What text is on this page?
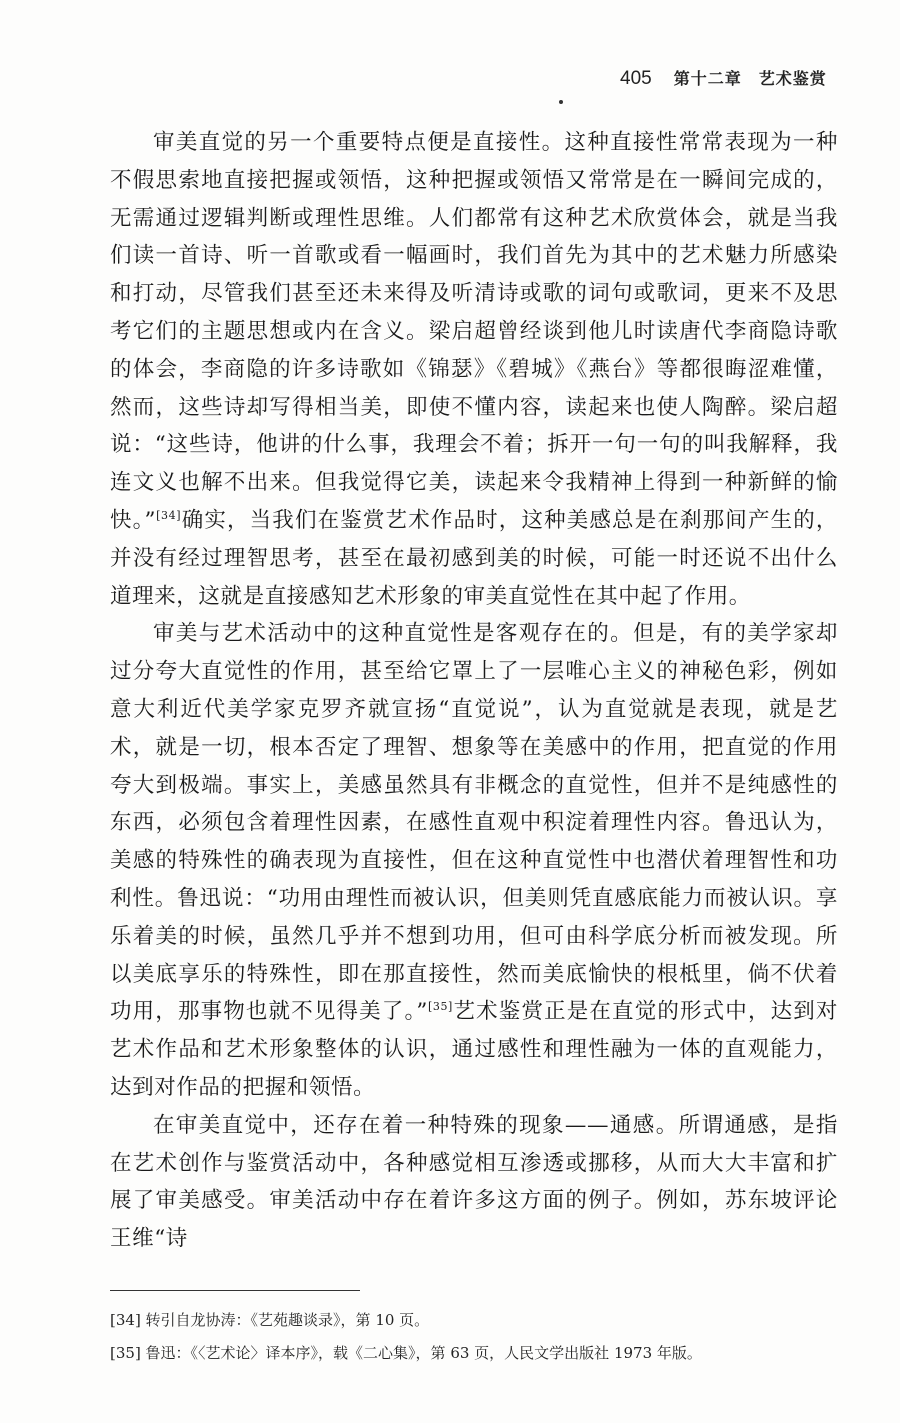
405 第十二章　艺术鉴赏

审美直觉的另一个重要特点便是直接性。这种直接性常常表现为一种不假思索地直接把握或领悟，这种把握或领悟又常常是在一瞬间完成的，无需通过逻辑判断或理性思维。人们都常有这种艺术欣赏体会，就是当我们读一首诗、听一首歌或看一幅画时，我们首先为其中的艺术魅力所感染和打动，尽管我们甚至还未来得及听清诗或歌的词句或歌词，更来不及思考它们的主题思想或内在含义。梁启超曾经谈到他儿时读唐代李商隐诗歌的体会，李商隐的许多诗歌如《锦瑟》《碧城》《燕台》等都很晦涩难懂，然而，这些诗却写得相当美，即使不懂内容，读起来也使人陶醉。梁启超说：“这些诗，他讲的什么事，我理会不着；拆开一句一句的叫我解释，我连文义也解不出来。但我觉得它美，读起来令我精神上得到一种新鲜的愉快。”[34]确实，当我们在鉴赏艺术作品时，这种美感总是在刹那间产生的，并没有经过理智思考，甚至在最初感到美的时候，可能一时还说不出什么道理来，这就是直接感知艺术形象的审美直觉性在其中起了作用。

审美与艺术活动中的这种直觉性是客观存在的。但是，有的美学家却过分夸大直觉性的作用，甚至给它罩上了一层唯心主义的神秘色彩，例如意大利近代美学家克罗齐就宣扬“直觉说”，认为直觉就是表现，就是艺术，就是一切，根本否定了理智、想象等在美感中的作用，把直觉的作用夸大到极端。事实上，美感虽然具有非概念的直觉性，但并不是纯感性的东西，必须包含着理性因素，在感性直观中积淀着理性内容。鲁迅认为，美感的特殊性的确表现为直接性，但在这种直觉性中也潜伏着理智性和功利性。鲁迅说：“功用由理性而被认识，但美则凭直感底能力而被认识。享乐着美的时候，虽然几乎并不想到功用，但可由科学底分析而被发现。所以美底享乐的特殊性，即在那直接性，然而美底愉快的根柢里，倘不伏着功用，那事物也就不见得美了。”[35]艺术鉴赏正是在直觉的形式中，达到对艺术作品和艺术形象整体的认识，通过感性和理性融为一体的直观能力，达到对作品的把握和领悟。

在审美直觉中，还存在着一种特殊的现象——通感。所谓通感，是指在艺术创作与鉴赏活动中，各种感觉相互渗透或挪移，从而大大丰富和扩展了审美感受。审美活动中存在着许多这方面的例子。例如，苏东坡评论王维“诗

[34] 转引自龙协涛：《艺苑趣谈录》，第 10 页。
[35] 鲁迅：《〈艺术论〉译本序》，载《二心集》，第 63 页，人民文学出版社 1973 年版。
